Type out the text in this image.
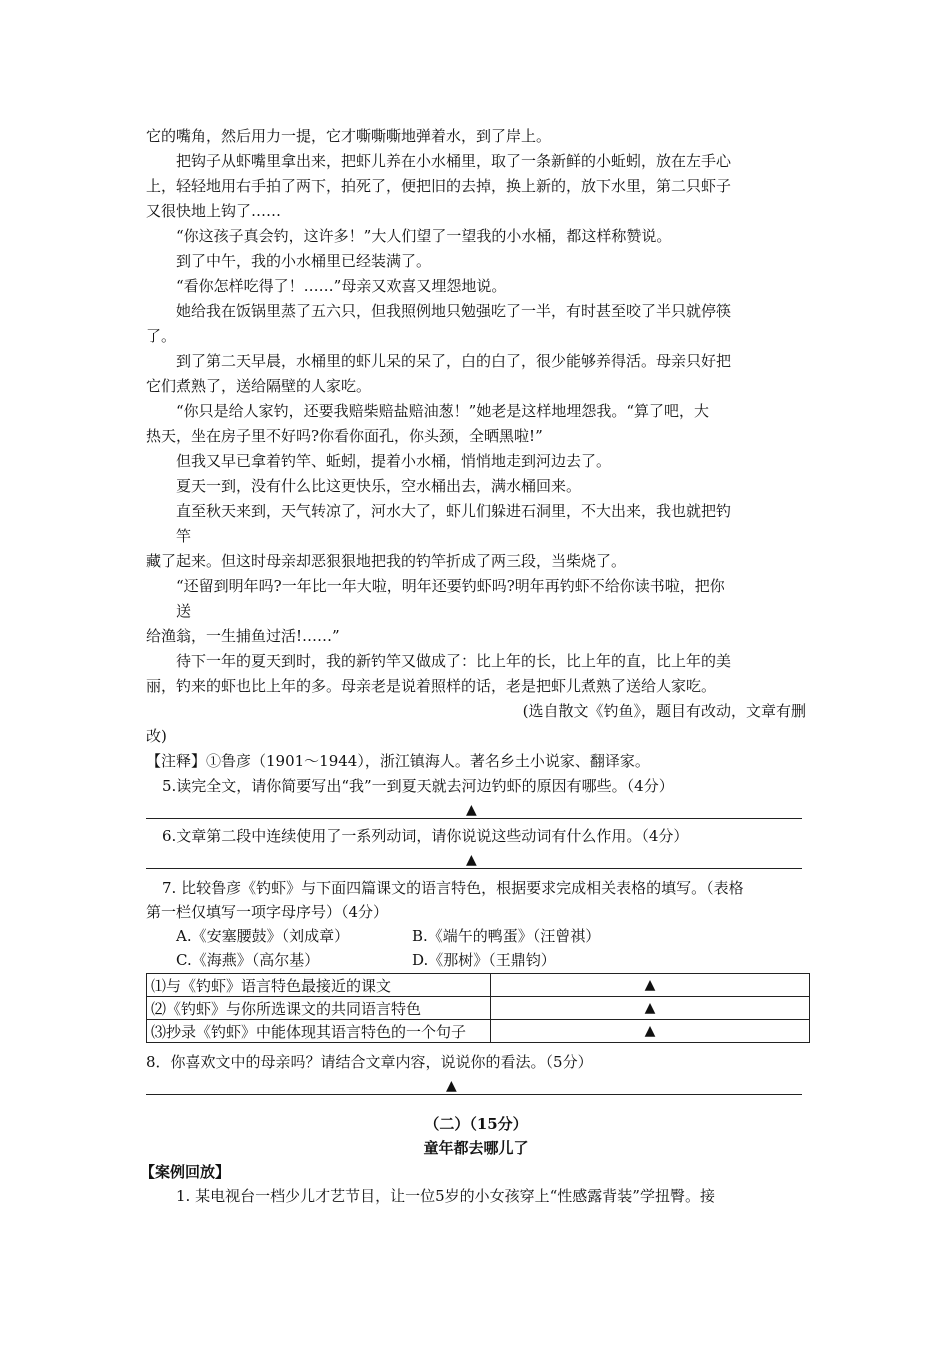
它的嘴角，然后用力一提，它才嘶嘶嘶地弹着水，到了岸上。
把钩子从虾嘴里拿出来，把虾儿养在小水桶里，取了一条新鲜的小蚯蚓，放在左手心
上，轻轻地用右手拍了两下，拍死了，便把旧的去掉，换上新的，放下水里，第二只虾子
又很快地上钩了……
“你这孩子真会钓，这许多！”大人们望了一望我的小水桶，都这样称赞说。
到了中午，我的小水桶里已经装满了。
“看你怎样吃得了！……”母亲又欢喜又埋怨地说。
她给我在饭锅里蒸了五六只，但我照例地只勉强吃了一半，有时甚至咬了半只就停筷
了。
到了第二天早晨，水桶里的虾儿呆的呆了，白的白了，很少能够养得活。母亲只好把
它们煮熟了，送给隔壁的人家吃。
“你只是给人家钓，还要我赔柴赔盐赔油葱！”她老是这样地埋怨我。“算了吧，大
热天，坐在房子里不好吗?你看你面孔，你头颈，全晒黑啦!”
但我又早已拿着钓竿、蚯蚓，提着小水桶，悄悄地走到河边去了。
夏天一到，没有什么比这更快乐，空水桶出去，满水桶回来。
直至秋天来到，天气转凉了，河水大了，虾儿们躲进石洞里，不大出来，我也就把钓
竿
藏了起来。但这时母亲却恶狠狠地把我的钓竿折成了两三段，当柴烧了。
“还留到明年吗?一年比一年大啦，明年还要钓虾吗?明年再钓虾不给你读书啦，把你
送
给渔翁，一生捕鱼过活!……”
待下一年的夏天到时，我的新钓竿又做成了：比上年的长，比上年的直，比上年的美
丽，钓来的虾也比上年的多。母亲老是说着照样的话，老是把虾儿煮熟了送给人家吃。
(选自散文《钓鱼》，题目有改动，文章有删
改)
【注释】①鲁彦（1901～1944），浙江镇海人。著名乡土小说家、翻译家。
5.读完全文，请你简要写出“我”一到夏天就去河边钓虾的原因有哪些。（4分）
▲
6.文章第二段中连续使用了一系列动词，请你说说这些动词有什么作用。（4分）
▲
7. 比较鲁彦《钓虾》与下面四篇课文的语言特色，根据要求完成相关表格的填写。（表格
第一栏仅填写一项字母序号）（4分）
A.《安塞腰鼓》（刘成章）	B.《端午的鸭蛋》（汪曾祺）
C.《海燕》（高尔基）	D.《那树》（王鼎钧）
⑴与《钓虾》语言特色最接近的课文	▲
⑵《钓虾》与你所选课文的共同语言特色	▲
⑶抄录《钓虾》中能体现其语言特色的一个句子	▲
8．你喜欢文中的母亲吗？请结合文章内容，说说你的看法。（5分）
▲
（二）（15分）
童年都去哪儿了
【案例回放】
1. 某电视台一档少儿才艺节目，让一位5岁的小女孩穿上“性感露背装”学扭臀。接
